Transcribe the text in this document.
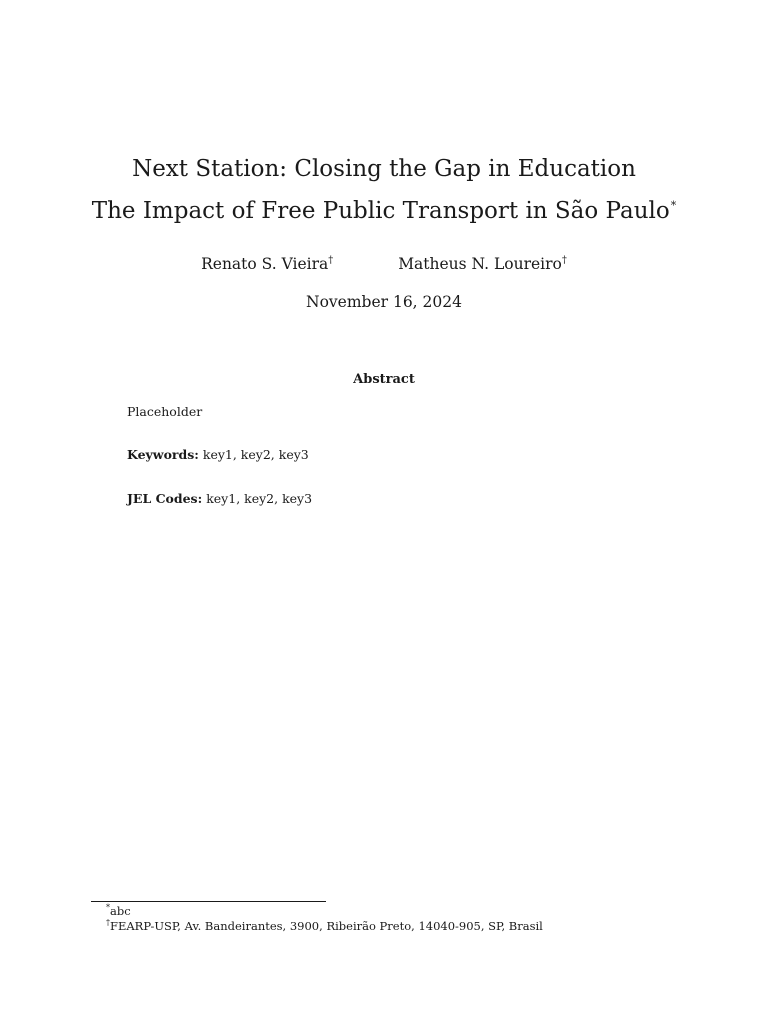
Next Station: Closing the Gap in Education
The Impact of Free Public Transport in São Paulo*
Renato S. Vieira†	Matheus N. Loureiro†
November 16, 2024
Abstract
Placeholder
Keywords: key1, key2, key3
JEL Codes: key1, key2, key3
*abc
†FEARP-USP, Av. Bandeirantes, 3900, Ribeirão Preto, 14040-905, SP, Brasil
